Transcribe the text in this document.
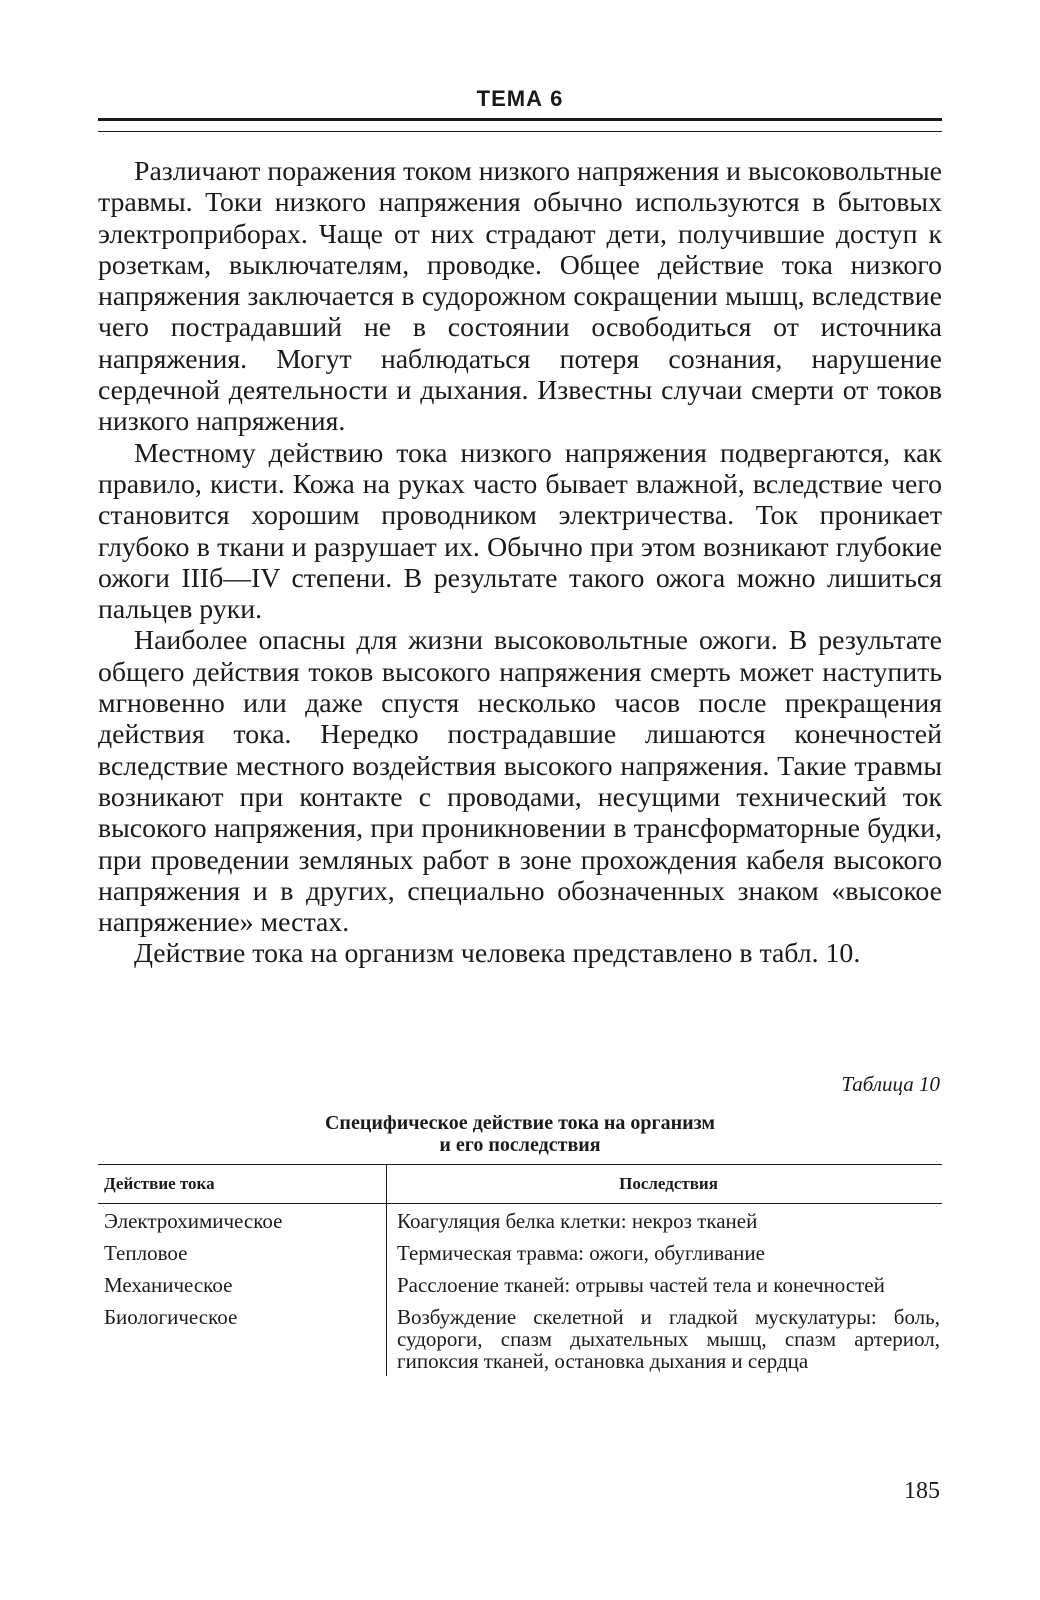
ТЕМА 6

Различают поражения током низкого напряжения и высоковольтные травмы. Токи низкого напряжения обычно используются в бытовых электроприборах. Чаще от них страдают дети, получившие доступ к розеткам, выключателям, проводке. Общее действие тока низкого напряжения заключается в судорожном сокращении мышц, вследствие чего пострадавший не в состоянии освободиться от источника напряжения. Могут наблюдаться потеря сознания, нарушение сердечной деятельности и дыхания. Известны случаи смерти от токов низкого напряжения.

Местному действию тока низкого напряжения подвергаются, как правило, кисти. Кожа на руках часто бывает влажной, вследствие чего становится хорошим проводником электричества. Ток проникает глубоко в ткани и разрушает их. Обычно при этом возникают глубокие ожоги IIIб—IV степени. В результате такого ожога можно лишиться пальцев руки.

Наиболее опасны для жизни высоковольтные ожоги. В результате общего действия токов высокого напряжения смерть может наступить мгновенно или даже спустя несколько часов после прекращения действия тока. Нередко пострадавшие лишаются конечностей вследствие местного воздействия высокого напряжения. Такие травмы возникают при контакте с проводами, несущими технический ток высокого напряжения, при проникновении в трансформаторные будки, при проведении земляных работ в зоне прохождения кабеля высокого напряжения и в других, специально обозначенных знаком «высокое напряжение» местах.

Действие тока на организм человека представлено в табл. 10.

Таблица 10
Специфическое действие тока на организм
и его последствия
Действие тока	Последствия
Электрохимическое	Коагуляция белка клетки: некроз тканей
Тепловое	Термическая травма: ожоги, обугливание
Механическое	Расслоение тканей: отрывы частей тела и конечностей
Биологическое	Возбуждение скелетной и гладкой мускулатуры: боль, судороги, спазм дыхательных мышц, спазм артериол, гипоксия тканей, остановка дыхания и сердца
185
